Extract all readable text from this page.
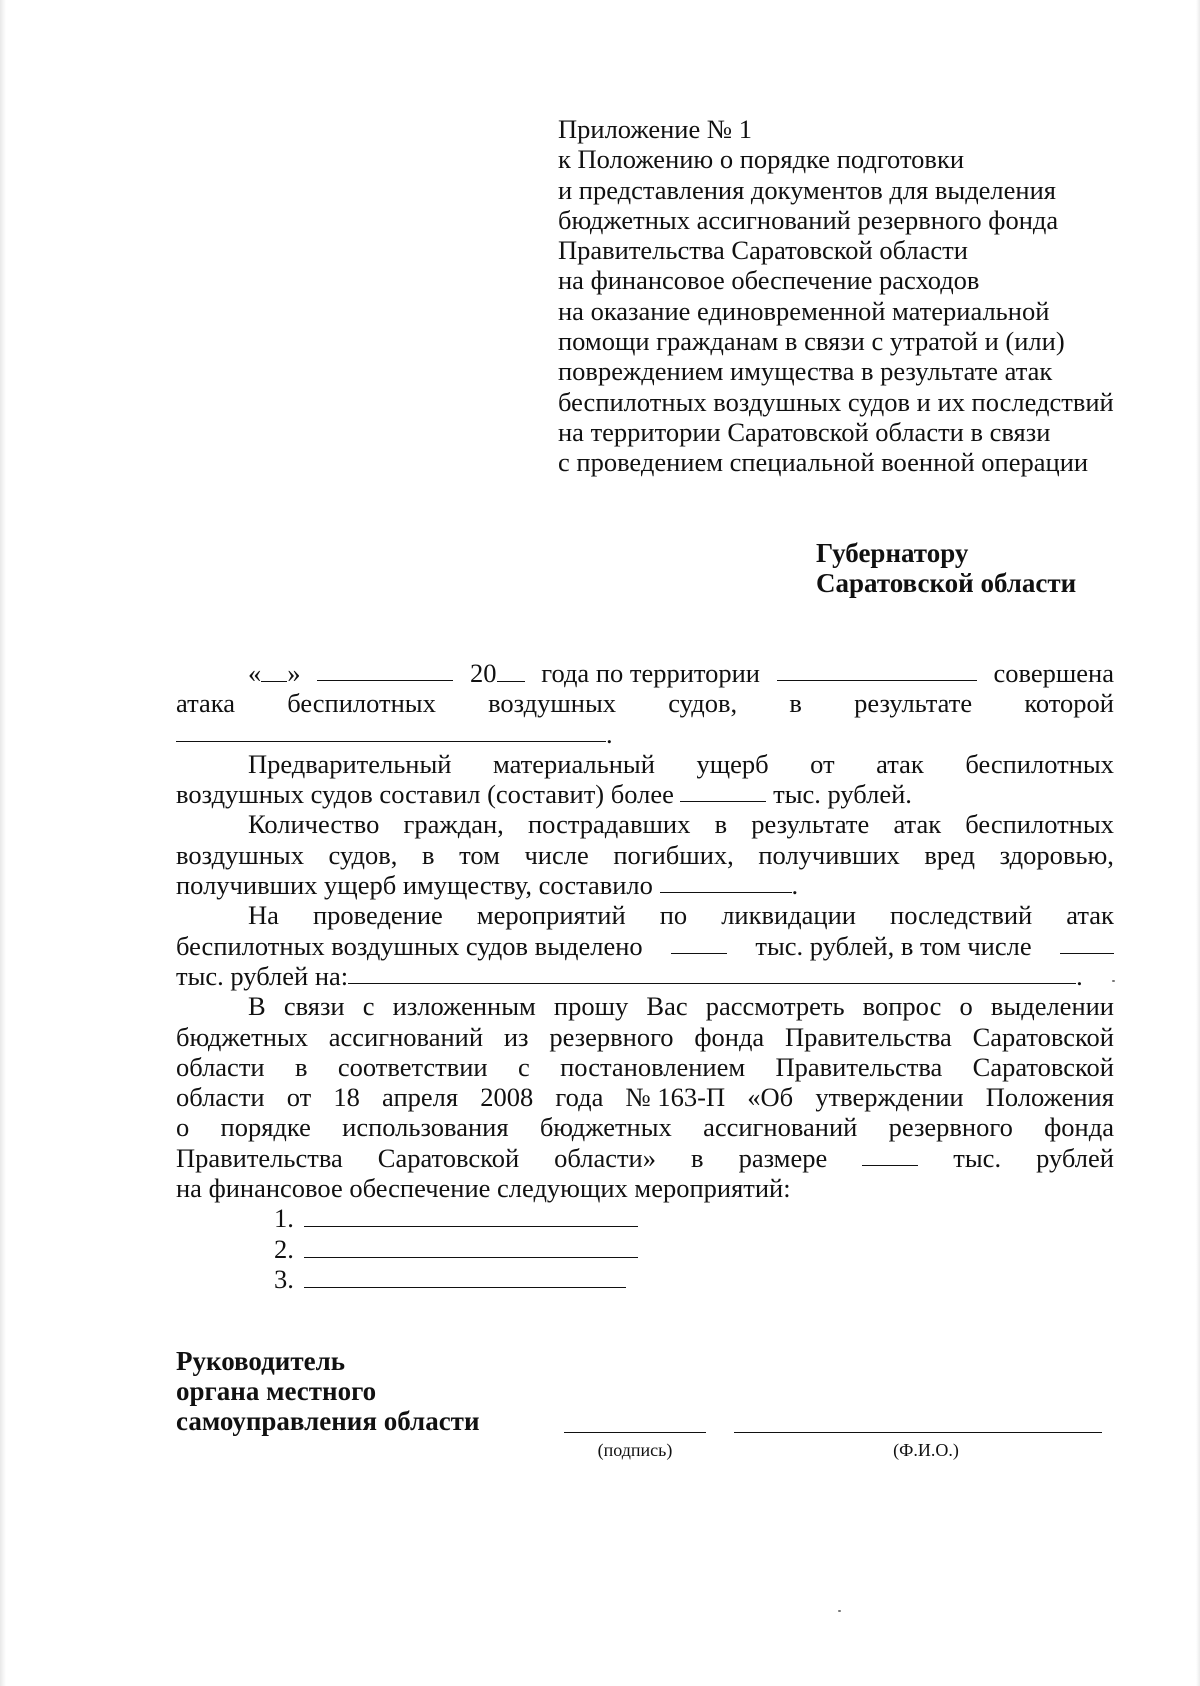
Приложение № 1
к Положению о порядке подготовки
и представления документов для выделения
бюджетных ассигнований резервного фонда
Правительства Саратовской области
на финансовое обеспечение расходов
на оказание единовременной материальной
помощи гражданам в связи с утратой и (или)
повреждением имущества в результате атак
беспилотных воздушных судов и их последствий
на территории Саратовской области в связи
с проведением специальной военной операции
Губернатору
Саратовской области
« »	20	года по территории	совершена
атака беспилотных воздушных судов, в результате которой
.
Предварительный материальный ущерб от атак беспилотных
воздушных судов составил (составит) более

	тыс. рублей.
Количество граждан, пострадавших в результате атак беспилотных
воздушных судов, в том числе погибших, получивших вред здоровью,
получивших ущерб имуществу, составило
	.
На проведение мероприятий по ликвидации последствий атак
беспилотных воздушных судов выделено	тыс. рублей, в том числе
тыс. рублей на:	.
В связи с изложенным прошу Вас рассмотреть вопрос о выделении
бюджетных ассигнований из резервного фонда Правительства Саратовской
области в соответствии с постановлением Правительства Саратовской
области от 18 апреля 2008 года № 163-П «Об утверждении Положения
о порядке использования бюджетных ассигнований резервного фонда
Правительства Саратовской области» в размере	тыс. рублей
на финансовое обеспечение следующих мероприятий:
1.
2.
3.
Руководитель
органа местного
самоуправления области
(подпись)	(Ф.И.О.)
